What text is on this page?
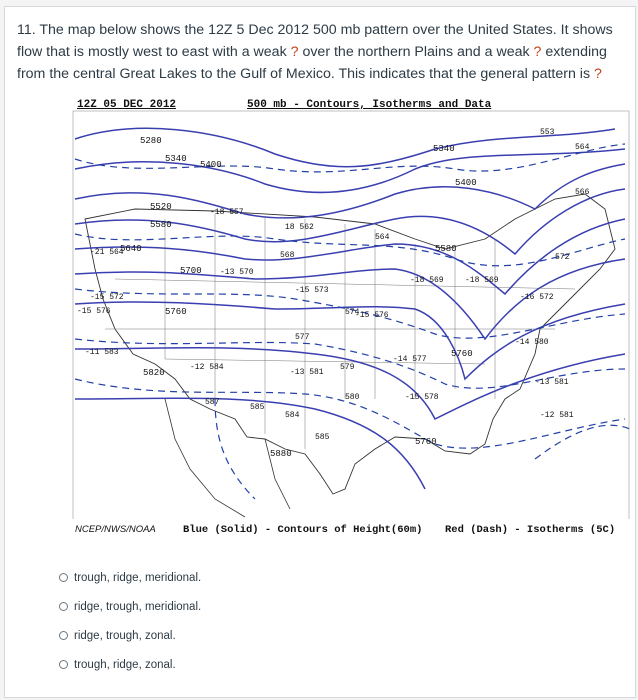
11. The map below shows the 12Z 5 Dec 2012 500 mb pattern over the United States. It shows flow that is mostly west to east with a weak ? over the northern Plains and a weak ? extending from the central Great Lakes to the Gulf of Mexico. This indicates that the general pattern is ?
12Z 05 DEC 2012	500 mb - Contours, Isotherms and Data
5280
5400
5340
5520
5580
5700
5760
5820
5340
5400
5580
5760
5760
5880
5640
-21 564
-15 572
-15 576
-11 583
-18 557
-13 570
18 562
568
-15 573
574
577
-13 581
579
580
584
585
585
587
-12 584
-14 577
-15 578
-18 569	-18 569
-16 572
-14 580
-13 581
-12 581
553
564
566
572
564
-15 576
NCEP/NWS/NOAA	Blue (Solid) - Contours of Height(60m) Red (Dash) - Isotherms (5C)
trough, ridge, meridional.
ridge, trough, meridional.
ridge, trough, zonal.
trough, ridge, zonal.
